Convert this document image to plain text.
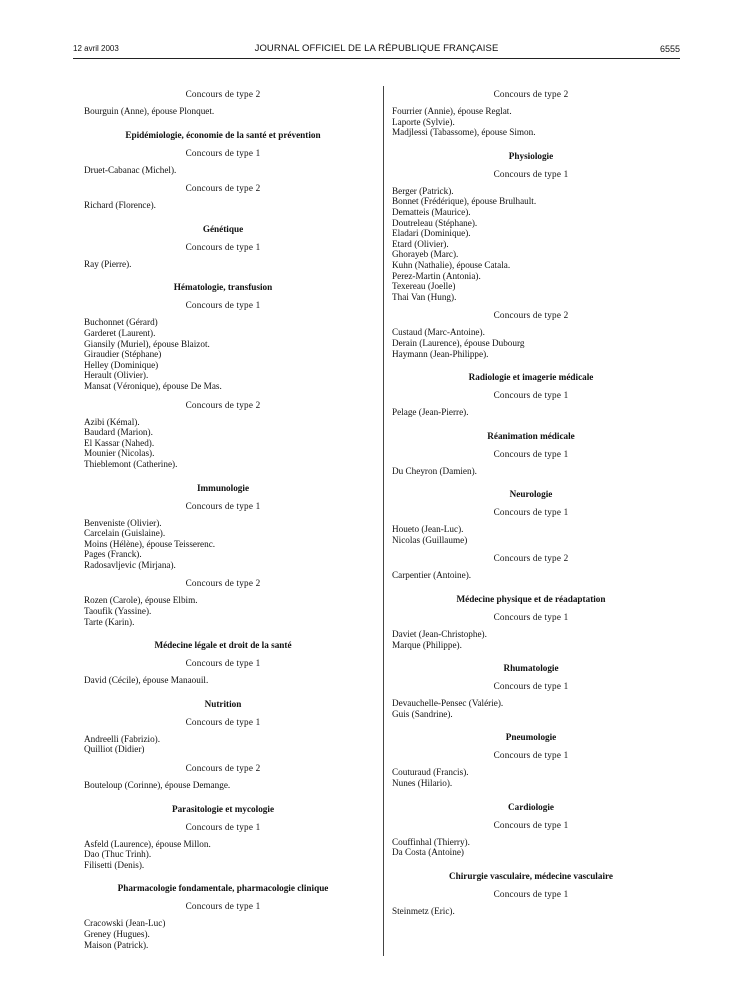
12 avril 2003	JOURNAL OFFICIEL DE LA RÉPUBLIQUE FRANÇAISE	6555
Concours de type 2
Bourguin (Anne), épouse Plonquet.
Epidémiologie, économie de la santé et prévention
Concours de type 1
Druet-Cabanac (Michel).
Concours de type 2
Richard (Florence).
Génétique
Concours de type 1
Ray (Pierre).
Hématologie, transfusion
Concours de type 1
Buchonnet (Gérard)
Garderet (Laurent).
Giansily (Muriel), épouse Blaizot.
Giraudier (Stéphane)
Helley (Dominique)
Herault (Olivier).
Mansat (Véronique), épouse De Mas.
Concours de type 2
Azibi (Kémal).
Baudard (Marion).
El Kassar (Nahed).
Mounier (Nicolas).
Thieblemont (Catherine).
Immunologie
Concours de type 1
Benveniste (Olivier).
Carcelain (Guislaine).
Moins (Hélène), épouse Teisserenc.
Pages (Franck).
Radosavljevic (Mirjana).
Concours de type 2
Rozen (Carole), épouse Elbim.
Taoufik (Yassine).
Tarte (Karin).
Médecine légale et droit de la santé
Concours de type 1
David (Cécile), épouse Manaouil.
Nutrition
Concours de type 1
Andreelli (Fabrizio).
Quilliot (Didier)
Concours de type 2
Bouteloup (Corinne), épouse Demange.
Parasitologie et mycologie
Concours de type 1
Asfeld (Laurence), épouse Millon.
Dao (Thuc Trinh).
Filisetti (Denis).
Pharmacologie fondamentale, pharmacologie clinique
Concours de type 1
Cracowski (Jean-Luc)
Greney (Hugues).
Maison (Patrick).
Concours de type 2
Fourrier (Annie), épouse Reglat.
Laporte (Sylvie).
Madjlessi (Tabassome), épouse Simon.
Physiologie
Concours de type 1
Berger (Patrick).
Bonnet (Frédérique), épouse Brulhault.
Dematteis (Maurice).
Doutreleau (Stéphane).
Eladari (Dominique).
Etard (Olivier).
Ghorayeb (Marc).
Kuhn (Nathalie), épouse Catala.
Perez-Martin (Antonia).
Texereau (Joelle)
Thai Van (Hung).
Concours de type 2
Custaud (Marc-Antoine).
Derain (Laurence), épouse Dubourg
Haymann (Jean-Philippe).
Radiologie et imagerie médicale
Concours de type 1
Pelage (Jean-Pierre).
Réanimation médicale
Concours de type 1
Du Cheyron (Damien).
Neurologie
Concours de type 1
Houeto (Jean-Luc).
Nicolas (Guillaume)
Concours de type 2
Carpentier (Antoine).
Médecine physique et de réadaptation
Concours de type 1
Daviet (Jean-Christophe).
Marque (Philippe).
Rhumatologie
Concours de type 1
Devauchelle-Pensec (Valérie).
Guis (Sandrine).
Pneumologie
Concours de type 1
Couturaud (Francis).
Nunes (Hilario).
Cardiologie
Concours de type 1
Couffinhal (Thierry).
Da Costa (Antoine)
Chirurgie vasculaire, médecine vasculaire
Concours de type 1
Steinmetz (Eric).
